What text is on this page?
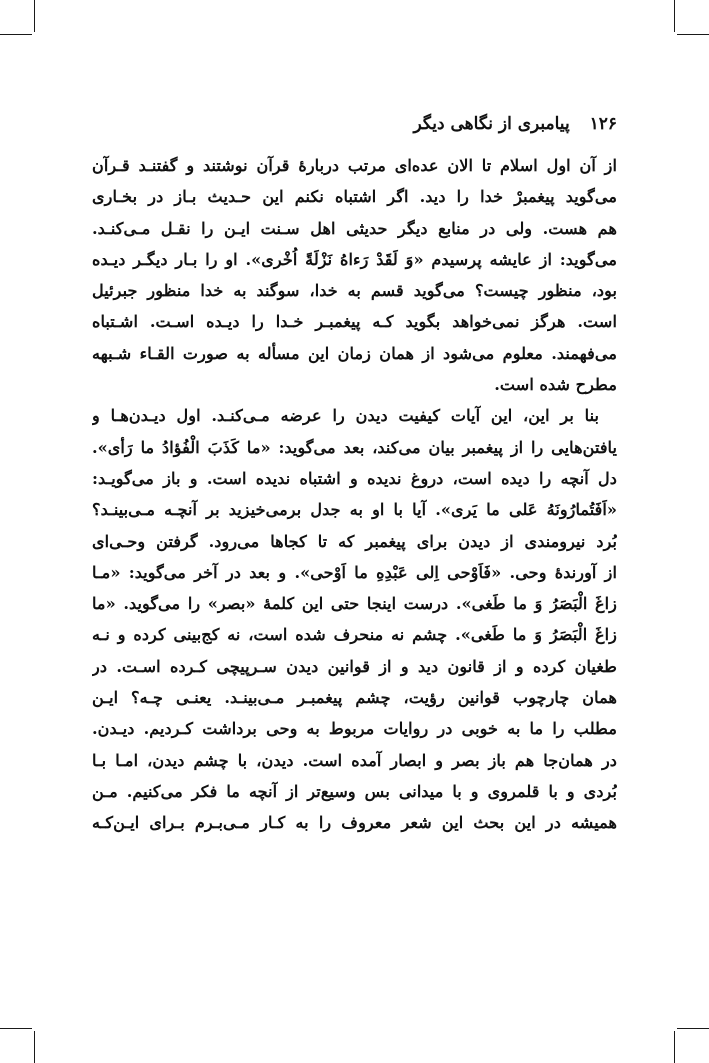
۱۲۶ پیامبری از نگاهی دیگر
از آن اول اسلام تا الان عده‌ای مرتب دربارهٔ قرآن نوشتند و گفتنـد قـرآن
می‌گوید پیغمبرْ خدا را دید. اگر اشتباه نکنم این حـدیث بـاز در بخـاری
هم هست. ولی در منابع دیگر حدیثی اهل سـنت ایـن را نقـل مـی‌کنـد.
می‌گوید: از عایشه پرسیدم «وَ لَقَدْ رَءاهُ نَزْلَةً اُخْرى». او را بـار دیگـر دیـده
بود، منظور چیست؟ می‌گوید قسم به خدا، سوگند به خدا منظور جبرئیل
است. هرگز نمی‌خواهد بگوید کـه پیغمبـر خـدا را دیـده اسـت. اشـتباه
می‌فهمند. معلوم می‌شود از همان زمان این مسأله به صورت القـاء شـبهه
مطرح شده است.
بنا بر این، این آیات کیفیت دیدن را عرضه مـی‌کنـد. اول دیـدن‌هـا و
یافتن‌هایی را از پیغمبر بیان می‌کند، بعد می‌گوید: «ما كَذَبَ الْفُؤادُ ما رَأى».
دل آنچه را دیده است، دروغ ندیده و اشتباه ندیده است. و باز می‌گویـد:
«اَفَتُمارُونَهُ عَلى ما يَرى». آیا با او به جدل برمی‌خیزید بر آنچـه مـی‌بینـد؟
بُرد نیرومندی از دیدن برای پیغمبر که تا کجاها می‌رود. گرفتن وحـی‌ای
از آورندهٔ وحی. «فَاَوْحى اِلى عَبْدِهِ ما اَوْحى». و بعد در آخر می‌گوید: «مـا
زاغَ الْبَصَرُ وَ ما طَغى». درست اینجا حتی این کلمهٔ «بصر» را می‌گوید. «ما
زاغَ الْبَصَرُ وَ ما طَغى». چشم نه منحرف شده است، نه کج‌بینی کرده و نـه
طغیان کرده و از قانون دید و از قوانین دیدن سـرپیچی کـرده اسـت. در
همان چارچوب قوانین رؤیت، چشم پیغمبـر مـی‌بینـد. یعنـی چـه؟ ایـن
مطلب را ما به خوبی در روایات مربوط به وحی برداشت کـردیم. دیـدن.
در همان‌جا هم باز بصر و ابصار آمده است. دیدن، با چشم دیدن، امـا بـا
بُردی و با قلمروی و با میدانی بس وسیع‌تر از آنچه ما فکر می‌کنیم. مـن
همیشه در این بحث این شعر معروف را به کـار مـی‌بـرم بـرای ایـن‌کـه
